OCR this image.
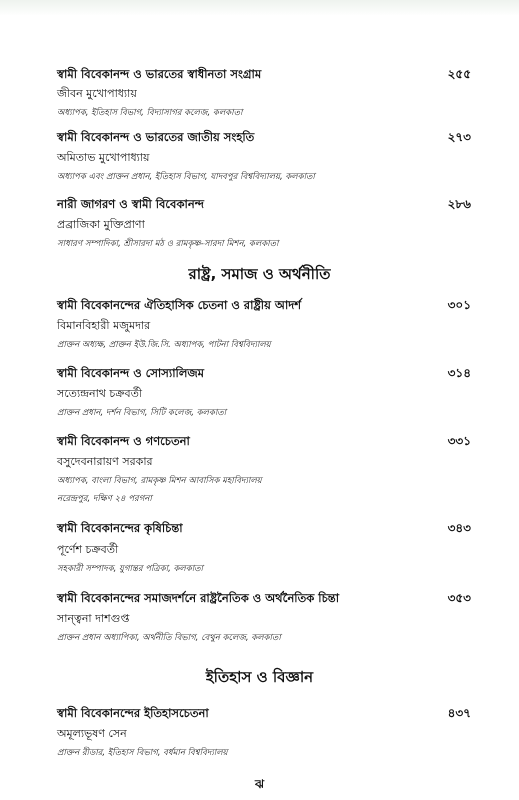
স্বামী বিবেকানন্দ ও ভারতের স্বাধীনতা সংগ্রাম	২৫৫
জীবন মুখোপাধ্যায়
অধ্যাপক, ইতিহাস বিভাগ, বিদ্যাসাগর কলেজ, কলকাতা
স্বামী বিবেকানন্দ ও ভারতের জাতীয় সংহতি	২৭৩
অমিতাভ মুখোপাধ্যায়
অধ্যাপক এবং প্রাক্তন প্রধান, ইতিহাস বিভাগ, যাদবপুর বিশ্ববিদ্যালয়, কলকাতা
নারী জাগরণ ও স্বামী বিবেকানন্দ	২৮৬
প্রব্রাজিকা মুক্তিপ্রাণা
সাধারণ সম্পাদিকা, শ্রীসারদা মঠ ও রামকৃষ্ণ-সারদা মিশন, কলকাতা
রাষ্ট্র, সমাজ ও অর্থনীতি
স্বামী বিবেকানন্দের ঐতিহাসিক চেতনা ও রাষ্ট্রীয় আদর্শ	৩০১
বিমানবিহারী মজুমদার
প্রাক্তন অধ্যক্ষ, প্রাক্তন ইউ.জি.সি. অধ্যাপক, পাটনা বিশ্ববিদ্যালয়
স্বামী বিবেকানন্দ ও সোস্যালিজম	৩১৪
সত্যেন্দ্রনাথ চক্রবর্তী
প্রাক্তন প্রধান, দর্শন বিভাগ, সিটি কলেজ, কলকাতা
স্বামী বিবেকানন্দ ও গণচেতনা	৩৩১
বসুদেবনারায়ণ সরকার
অধ্যাপক, বাংলা বিভাগ, রামকৃষ্ণ মিশন আবাসিক মহাবিদ্যালয়
নরেন্দ্রপুর, দক্ষিণ ২৪ পরগনা
স্বামী বিবেকানন্দের কৃষিচিন্তা	৩৪৩
পূর্ণেশ চক্রবর্তী
সহকারী সম্পাদক, যুগান্তর পত্রিকা, কলকাতা
স্বামী বিবেকানন্দের সমাজদর্শনে রাষ্ট্রনৈতিক ও অর্থনৈতিক চিন্তা	৩৫৩
সান্ত্বনা দাশগুপ্ত
প্রাক্তন প্রধান অধ্যাপিকা, অর্থনীতি বিভাগ, বেথুন কলেজ, কলকাতা
ইতিহাস ও বিজ্ঞান
স্বামী বিবেকানন্দের ইতিহাসচেতনা	৪৩৭
অমূল্যভূষণ সেন
প্রাক্তন রীডার, ইতিহাস বিভাগ, বর্ধমান বিশ্ববিদ্যালয়
ঝ
